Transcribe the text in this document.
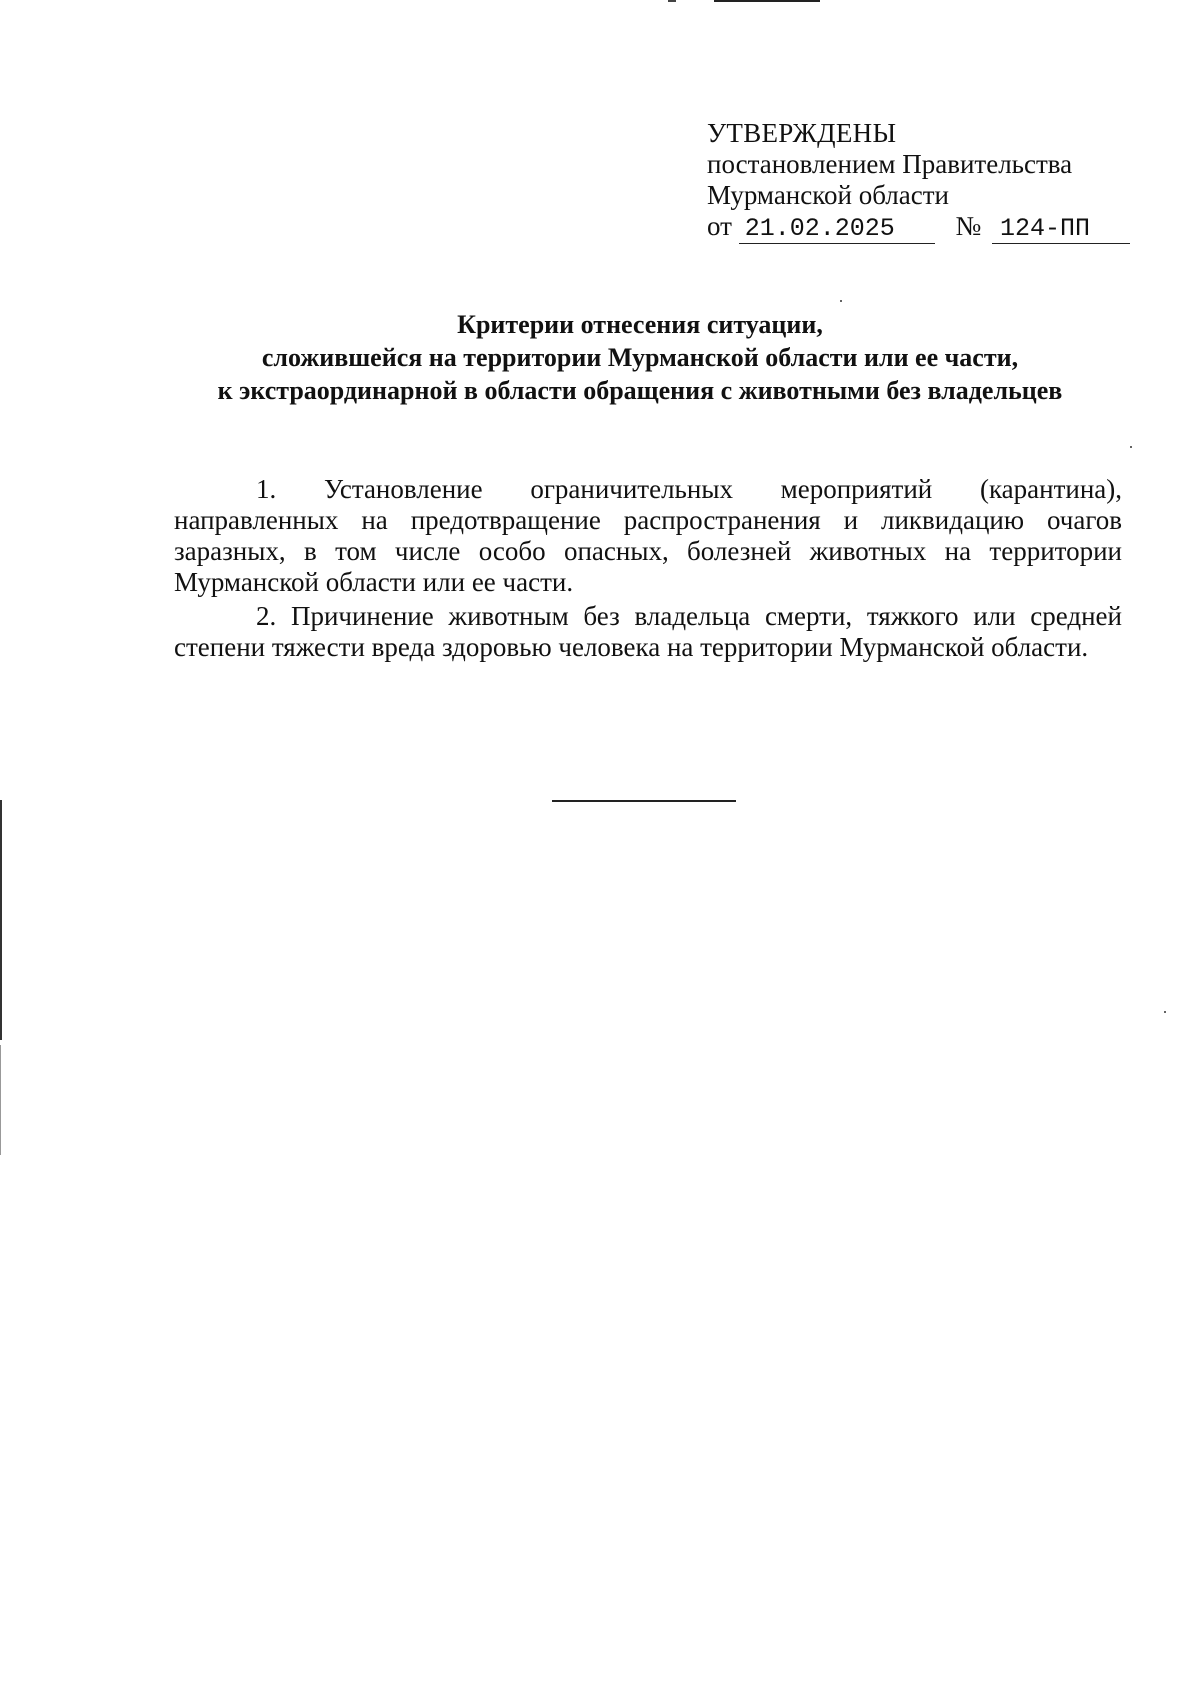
УТВЕРЖДЕНЫ
постановлением Правительства
Мурманской области
от 21.02.2025 № 124-ПП
Критерии отнесения ситуации,
сложившейся на территории Мурманской области или ее части,
к экстраординарной в области обращения с животными без владельцев

1. Установление ограничительных мероприятий (карантина), направленных на предотвращение распространения и ликвидацию очагов заразных, в том числе особо опасных, болезней животных на территории Мурманской области или ее части.

2. Причинение животным без владельца смерти, тяжкого или средней степени тяжести вреда здоровью человека на территории Мурманской области.
